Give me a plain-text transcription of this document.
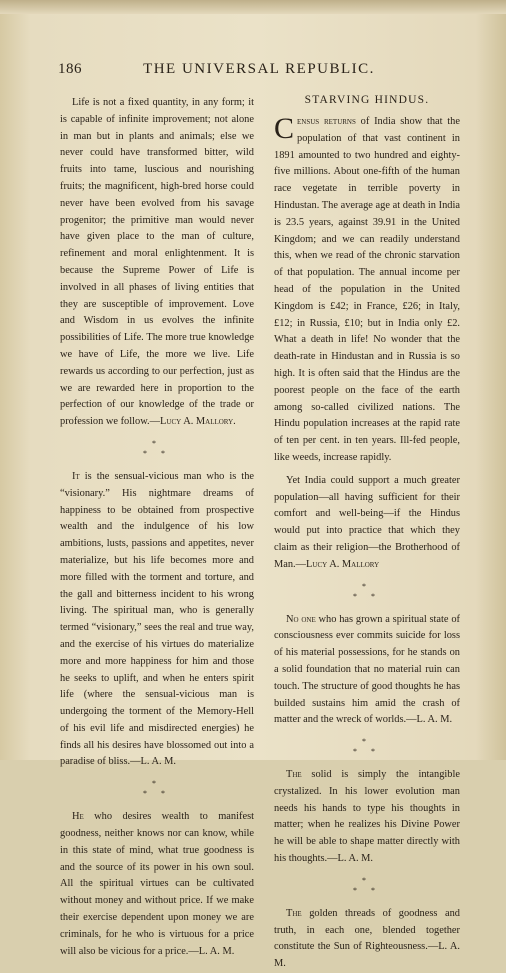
186	THE UNIVERSAL REPUBLIC.

Life is not a fixed quantity, in any form; it is capable of infinite improvement; not alone in man but in plants and animals; else we never could have transformed bitter, wild fruits into tame, luscious and nourishing fruits; the magnificent, high-bred horse could never have been evolved from his savage progenitor; the primitive man would never have given place to the man of culture, refinement and moral enlightenment. It is because the Supreme Power of Life is involved in all phases of living entities that they are susceptible of improvement. Love and Wisdom in us evolves the infinite possibilities of Life. The more true knowledge we have of Life, the more we live. Life rewards us according to our perfection, just as we are rewarded here in proportion to the perfection of our knowledge of the trade or profession we follow.—Lucy A. Mallory.

*
* *

It is the sensual-vicious man who is the “visionary.” His nightmare dreams of happiness to be obtained from prospective wealth and the indulgence of his low ambitions, lusts, passions and appetites, never materialize, but his life becomes more and more filled with the torment and torture, and the gall and bitterness incident to his wrong living. The spiritual man, who is generally termed “visionary,” sees the real and true way, and the exercise of his virtues do materialize more and more happiness for him and those he seeks to uplift, and when he enters spirit life (where the sensual-vicious man is undergoing the torment of the Memory-Hell of his evil life and misdirected energies) he finds all his desires have blossomed out into a paradise of bliss.—L. A. M.

*
* *

He who desires wealth to manifest goodness, neither knows nor can know, while in this state of mind, what true goodness is and the source of its power in his own soul. All the spiritual virtues can be cultivated without money and without price. If we make their exercise dependent upon money we are criminals, for he who is virtuous for a price will also be vicious for a price.—L. A. M.

STARVING HINDUS.

Census returns of India show that the population of that vast continent in 1891 amounted to two hundred and eighty-five millions. About one-fifth of the human race vegetate in terrible poverty in Hindustan. The average age at death in India is 23.5 years, against 39.91 in the United Kingdom; and we can readily understand this, when we read of the chronic starvation of that population. The annual income per head of the population in the United Kingdom is £42; in France, £26; in Italy, £12; in Russia, £10; but in India only £2. What a death in life! No wonder that the death-rate in Hindustan and in Russia is so high. It is often said that the Hindus are the poorest people on the face of the earth among so-called civilized nations. The Hindu population increases at the rapid rate of ten per cent. in ten years. Ill-fed people, like weeds, increase rapidly.

Yet India could support a much greater population—all having sufficient for their comfort and well-being—if the Hindus would put into practice that which they claim as their religion—the Brotherhood of Man.—Lucy A. Mallory

*
* *

No one who has grown a spiritual state of consciousness ever commits suicide for loss of his material possessions, for he stands on a solid foundation that no material ruin can touch. The structure of good thoughts he has builded sustains him amid the crash of matter and the wreck of worlds.—L. A. M.

*
* *

The solid is simply the intangible crystalized. In his lower evolution man needs his hands to type his thoughts in matter; when he realizes his Divine Power he will be able to shape matter directly with his thoughts.—L. A. M.

*
* *

The golden threads of goodness and truth, in each one, blended together constitute the Sun of Righteousness.—L. A. M.
